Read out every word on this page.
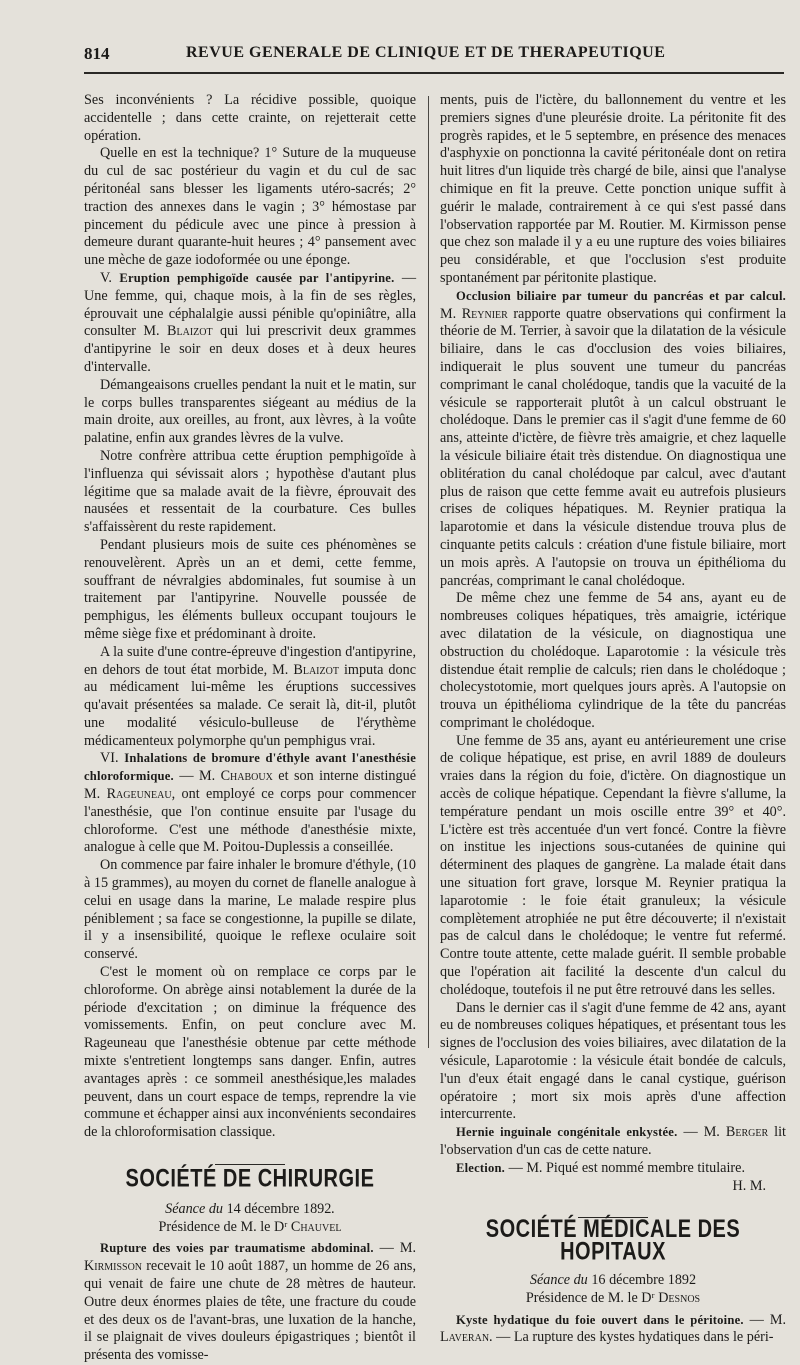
814	REVUE GENERALE DE CLINIQUE ET DE THERAPEUTIQUE

Ses inconvénients ? La récidive possible, quoique accidentelle ; dans cette crainte, on rejetterait cette opération.

Quelle en est la technique? 1° Suture de la muqueuse du cul de sac postérieur du vagin et du cul de sac péritonéal sans blesser les ligaments utéro-sacrés; 2° traction des annexes dans le vagin ; 3° hémostase par pincement du pédicule avec une pince à pression à demeure durant quarante-huit heures ; 4° pansement avec une mèche de gaze iodoformée ou une éponge.

V. Eruption pemphigoïde causée par l'antipyrine. — Une femme, qui, chaque mois, à la fin de ses règles, éprouvait une céphalalgie aussi pénible qu'opiniâtre, alla consulter M. Blaizot qui lui prescrivit deux grammes d'antipyrine le soir en deux doses et à deux heures d'intervalle.

Démangeaisons cruelles pendant la nuit et le matin, sur le corps bulles transparentes siégeant au médius de la main droite, aux oreilles, au front, aux lèvres, à la voûte palatine, enfin aux grandes lèvres de la vulve.

Notre confrère attribua cette éruption pemphigoïde à l'influenza qui sévissait alors ; hypothèse d'autant plus légitime que sa malade avait de la fièvre, éprouvait des nausées et ressentait de la courbature. Ces bulles s'affaissèrent du reste rapidement.

Pendant plusieurs mois de suite ces phénomènes se renouvelèrent. Après un an et demi, cette femme, souffrant de névralgies abdominales, fut soumise à un traitement par l'antipyrine. Nouvelle poussée de pemphigus, les éléments bulleux occupant toujours le même siège fixe et prédominant à droite.

A la suite d'une contre-épreuve d'ingestion d'antipyrine, en dehors de tout état morbide, M. Blaizot imputa donc au médicament lui-même les éruptions successives qu'avait présentées sa malade. Ce serait là, dit-il, plutôt une modalité vésiculo-bulleuse de l'érythème médicamenteux polymorphe qu'un pemphigus vrai.

VI. Inhalations de bromure d'éthyle avant l'anesthésie chloroformique. — M. Chaboux et son interne distingué M. Rageuneau, ont employé ce corps pour commencer l'anesthésie, que l'on continue ensuite par l'usage du chloroforme. C'est une méthode d'anesthésie mixte, analogue à celle que M. Poitou-Duplessis a conseillée.

On commence par faire inhaler le bromure d'éthyle, (10 à 15 grammes), au moyen du cornet de flanelle analogue à celui en usage dans la marine, Le malade respire plus péniblement ; sa face se congestionne, la pupille se dilate, il y a insensibilité, quoique le reflexe oculaire soit conservé.

C'est le moment où on remplace ce corps par le chloroforme. On abrège ainsi notablement la durée de la période d'excitation ; on diminue la fréquence des vomissements. Enfin, on peut conclure avec M. Rageuneau que l'anesthésie obtenue par cette méthode mixte s'entretient longtemps sans danger. Enfin, autres avantages après : ce sommeil anesthésique,les malades peuvent, dans un court espace de temps, reprendre la vie commune et échapper ainsi aux inconvénients secondaires de la chloroformisation classique.

SOCIÉTÉ DE CHIRURGIE
Séance du 14 décembre 1892.
Présidence de M. le Dʳ Chauvel

Rupture des voies par traumatisme abdominal. — M. Kirmisson recevait le 10 août 1887, un homme de 26 ans, qui venait de faire une chute de 28 mètres de hauteur. Outre deux énormes plaies de tête, une fracture du coude et des deux os de l'avant-bras, une luxation de la hanche, il se plaignait de vives douleurs épigastriques ; bientôt il présenta des vomisse-

ments, puis de l'ictère, du ballonnement du ventre et les premiers signes d'une pleurésie droite. La péritonite fit des progrès rapides, et le 5 septembre, en présence des menaces d'asphyxie on ponctionna la cavité péritonéale dont on retira huit litres d'un liquide très chargé de bile, ainsi que l'analyse chimique en fit la preuve. Cette ponction unique suffit à guérir le malade, contrairement à ce qui s'est passé dans l'observation rapportée par M. Routier. M. Kirmisson pense que chez son malade il y a eu une rupture des voies biliaires peu considérable, et que l'occlusion s'est produite spontanément par péritonite plastique.

Occlusion biliaire par tumeur du pancréas et par calcul. M. Reynier rapporte quatre observations qui confirment la théorie de M. Terrier, à savoir que la dilatation de la vésicule biliaire, dans le cas d'occlusion des voies biliaires, indiquerait le plus souvent une tumeur du pancréas comprimant le canal cholédoque, tandis que la vacuité de la vésicule se rapporterait plutôt à un calcul obstruant le cholédoque. Dans le premier cas il s'agit d'une femme de 60 ans, atteinte d'ictère, de fièvre très amaigrie, et chez laquelle la vésicule biliaire était très distendue. On diagnostiqua une oblitération du canal cholédoque par calcul, avec d'autant plus de raison que cette femme avait eu autrefois plusieurs crises de coliques hépatiques. M. Reynier pratiqua la laparotomie et dans la vésicule distendue trouva plus de cinquante petits calculs : création d'une fistule biliaire, mort un mois après. A l'autopsie on trouva un épithélioma du pancréas, comprimant le canal cholédoque.

De même chez une femme de 54 ans, ayant eu de nombreuses coliques hépatiques, très amaigrie, ictérique avec dilatation de la vésicule, on diagnostiqua une obstruction du cholédoque. Laparotomie : la vésicule très distendue était remplie de calculs; rien dans le cholédoque ; cholecystotomie, mort quelques jours après. A l'autopsie on trouva un épithélioma cylindrique de la tête du pancréas comprimant le cholédoque.

Une femme de 35 ans, ayant eu antérieurement une crise de colique hépatique, est prise, en avril 1889 de douleurs vraies dans la région du foie, d'ictère. On diagnostique un accès de colique hépatique. Cependant la fièvre s'allume, la température pendant un mois oscille entre 39° et 40°. L'ictère est très accentuée d'un vert foncé. Contre la fièvre on institue les injections sous-cutanées de quinine qui déterminent des plaques de gangrène. La malade était dans une situation fort grave, lorsque M. Reynier pratiqua la laparotomie : le foie était granuleux; la vésicule complètement atrophiée ne put être découverte; il n'existait pas de calcul dans le cholédoque; le ventre fut refermé. Contre toute attente, cette malade guérit. Il semble probable que l'opération ait facilité la descente d'un calcul du cholédoque, toutefois il ne put être retrouvé dans les selles.

Dans le dernier cas il s'agit d'une femme de 42 ans, ayant eu de nombreuses coliques hépatiques, et présentant tous les signes de l'occlusion des voies biliaires, avec dilatation de la vésicule, Laparotomie : la vésicule était bondée de calculs, l'un d'eux était engagé dans le canal cystique, guérison opératoire ; mort six mois après d'une affection intercurrente.

Hernie inguinale congénitale enkystée. — M. Berger lit l'observation d'un cas de cette nature.

Election. — M. Piqué est nommé membre titulaire.

H. M.
SOCIÉTÉ MÉDICALE DES HOPITAUX
Séance du 16 décembre 1892
Présidence de M. le Dʳ Desnos

Kyste hydatique du foie ouvert dans le péritoine. — M. Laveran. — La rupture des kystes hydatiques dans le péri-
